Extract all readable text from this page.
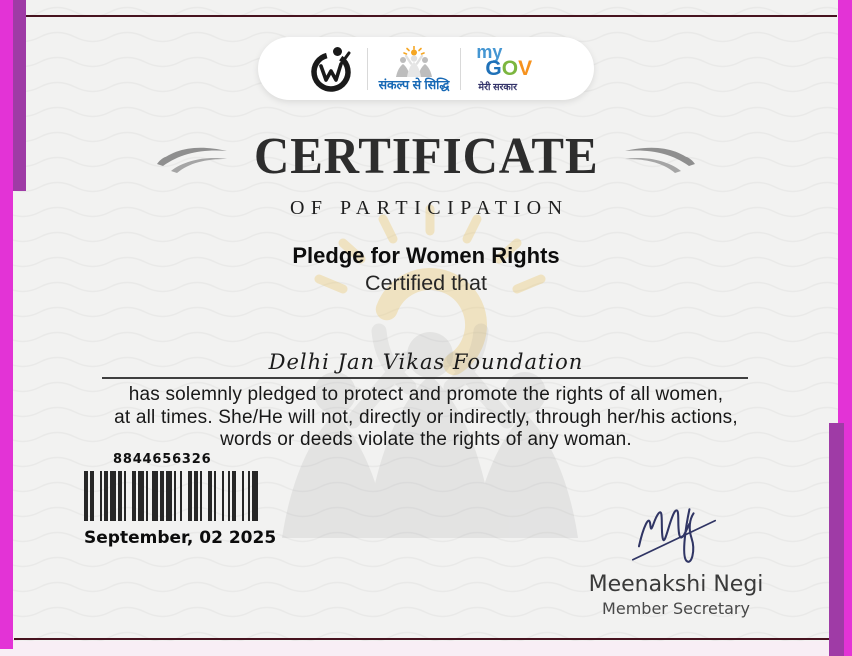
संकल्प से सिद्धि
my
GOV
मेरी सरकार
CERTIFICATE
OF PARTICIPATION
Pledge for Women Rights
Certified that
Delhi Jan Vikas Foundation
has solemnly pledged to protect and promote the rights of all women,
at all times. She/He will not, directly or indirectly, through her/his actions,
words or deeds violate the rights of any woman.
8844656326
September, 02 2025
Meenakshi Negi
Member Secretary
